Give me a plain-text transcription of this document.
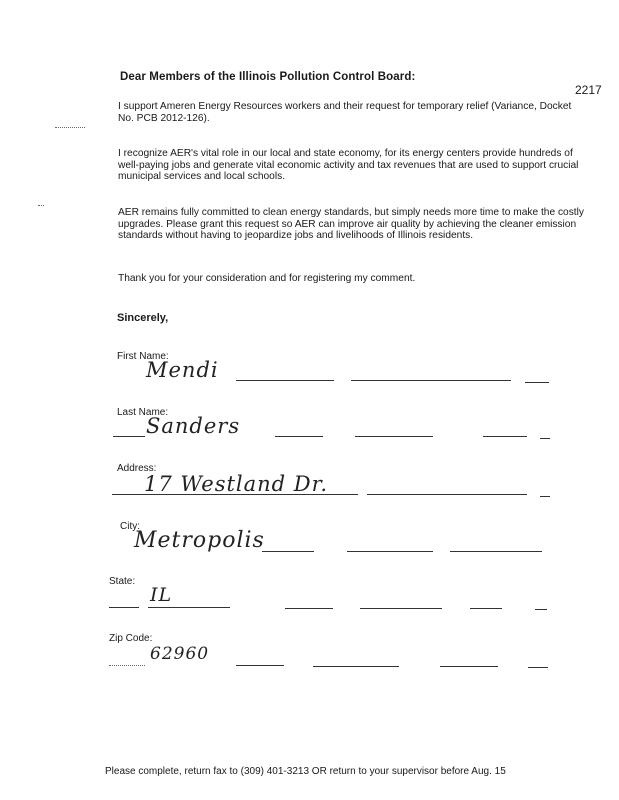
Dear Members of the Illinois Pollution Control Board:
2217
I support Ameren Energy Resources workers and their request for temporary relief (Variance, Docket No. PCB 2012-126).
I recognize AER's vital role in our local and state economy, for its energy centers provide hundreds of well-paying jobs and generate vital economic activity and tax revenues that are used to support crucial municipal services and local schools.
AER remains fully committed to clean energy standards, but simply needs more time to make the costly upgrades. Please grant this request so AER can improve air quality by achieving the cleaner emission standards without having to jeopardize jobs and livelihoods of Illinois residents.
Thank you for your consideration and for registering my comment.
Sincerely,
First Name:
Mendi
Last Name:
Sanders
Address:
17 Westland Dr.
City:
Metropolis
State:
IL
Zip Code:
62960
Please complete, return fax to (309) 401-3213 OR return to your supervisor before Aug. 15
